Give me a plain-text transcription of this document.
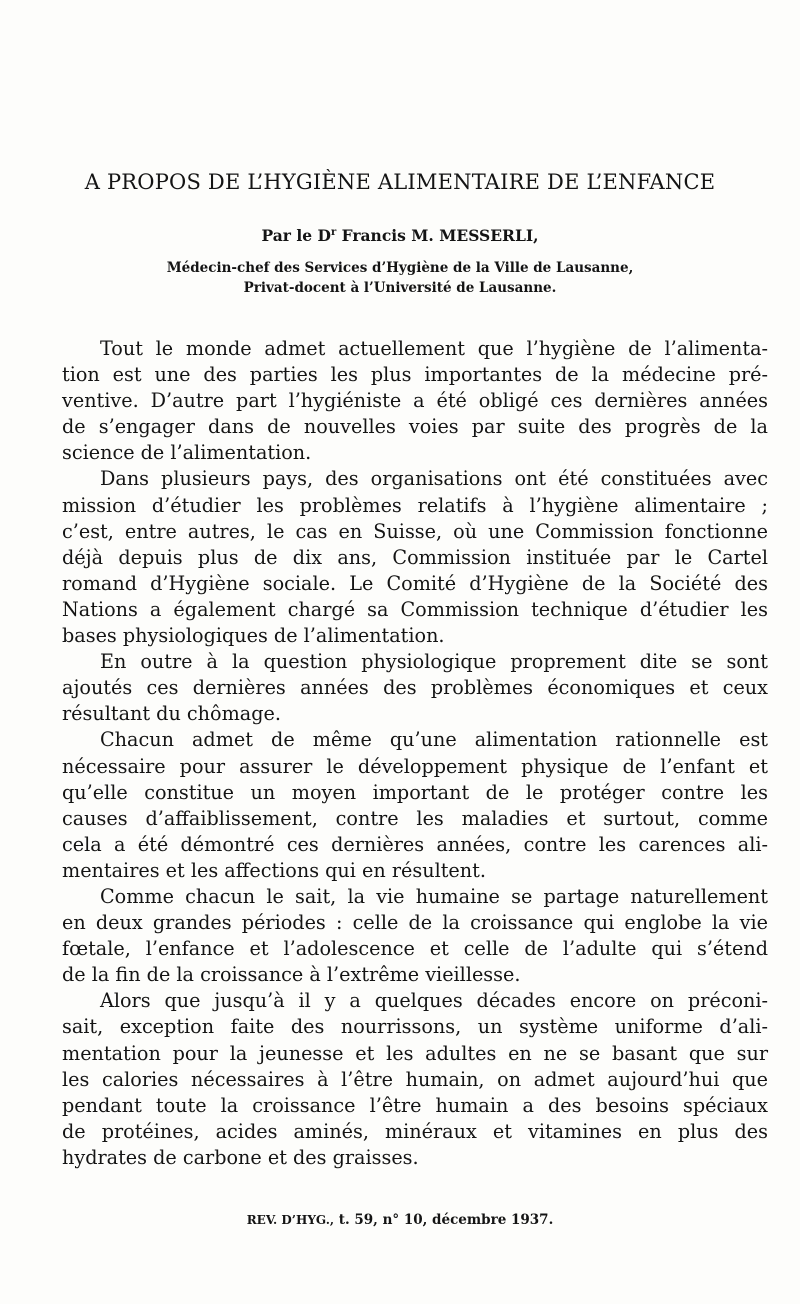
A PROPOS DE L’HYGIÈNE ALIMENTAIRE DE L’ENFANCE

Par le $D^r$ Francis M. MESSERLI,

Médecin-chef des Services d’Hygiène de la Ville de Lausanne,
Privat-docent à l’Université de Lausanne.

Tout le monde admet actuellement que l’hygiène de l’alimenta-
tion est une des parties les plus importantes de la médecine pré-
ventive. D’autre part l’hygiéniste a été obligé ces dernières années
de s’engager dans de nouvelles voies par suite des progrès de la
science de l’alimentation.
Dans plusieurs pays, des organisations ont été constituées avec
mission d’étudier les problèmes relatifs à l’hygiène alimentaire ;
c’est, entre autres, le cas en Suisse, où une Commission fonctionne
déjà depuis plus de dix ans, Commission instituée par le Cartel
romand d’Hygiène sociale. Le Comité d’Hygiène de la Société des
Nations a également chargé sa Commission technique d’étudier les
bases physiologiques de l’alimentation.
En outre à la question physiologique proprement dite se sont
ajoutés ces dernières années des problèmes économiques et ceux
résultant du chômage.
Chacun admet de même qu’une alimentation rationnelle est
nécessaire pour assurer le développement physique de l’enfant et
qu’elle constitue un moyen important de le protéger contre les
causes d’affaiblissement, contre les maladies et surtout, comme
cela a été démontré ces dernières années, contre les carences ali-
mentaires et les affections qui en résultent.
Comme chacun le sait, la vie humaine se partage naturellement
en deux grandes périodes : celle de la croissance qui englobe la vie
fœtale, l’enfance et l’adolescence et celle de l’adulte qui s’étend
de la fin de la croissance à l’extrême vieillesse.
Alors que jusqu’à il y a quelques décades encore on préconi-
sait, exception faite des nourrissons, un système uniforme d’ali-
mentation pour la jeunesse et les adultes en ne se basant que sur
les calories nécessaires à l’être humain, on admet aujourd’hui que
pendant toute la croissance l’être humain a des besoins spéciaux
de protéines, acides aminés, minéraux et vitamines en plus des
hydrates de carbone et des graisses.
REV. D’HYG., t. 59, n° 10, décembre 1937.
